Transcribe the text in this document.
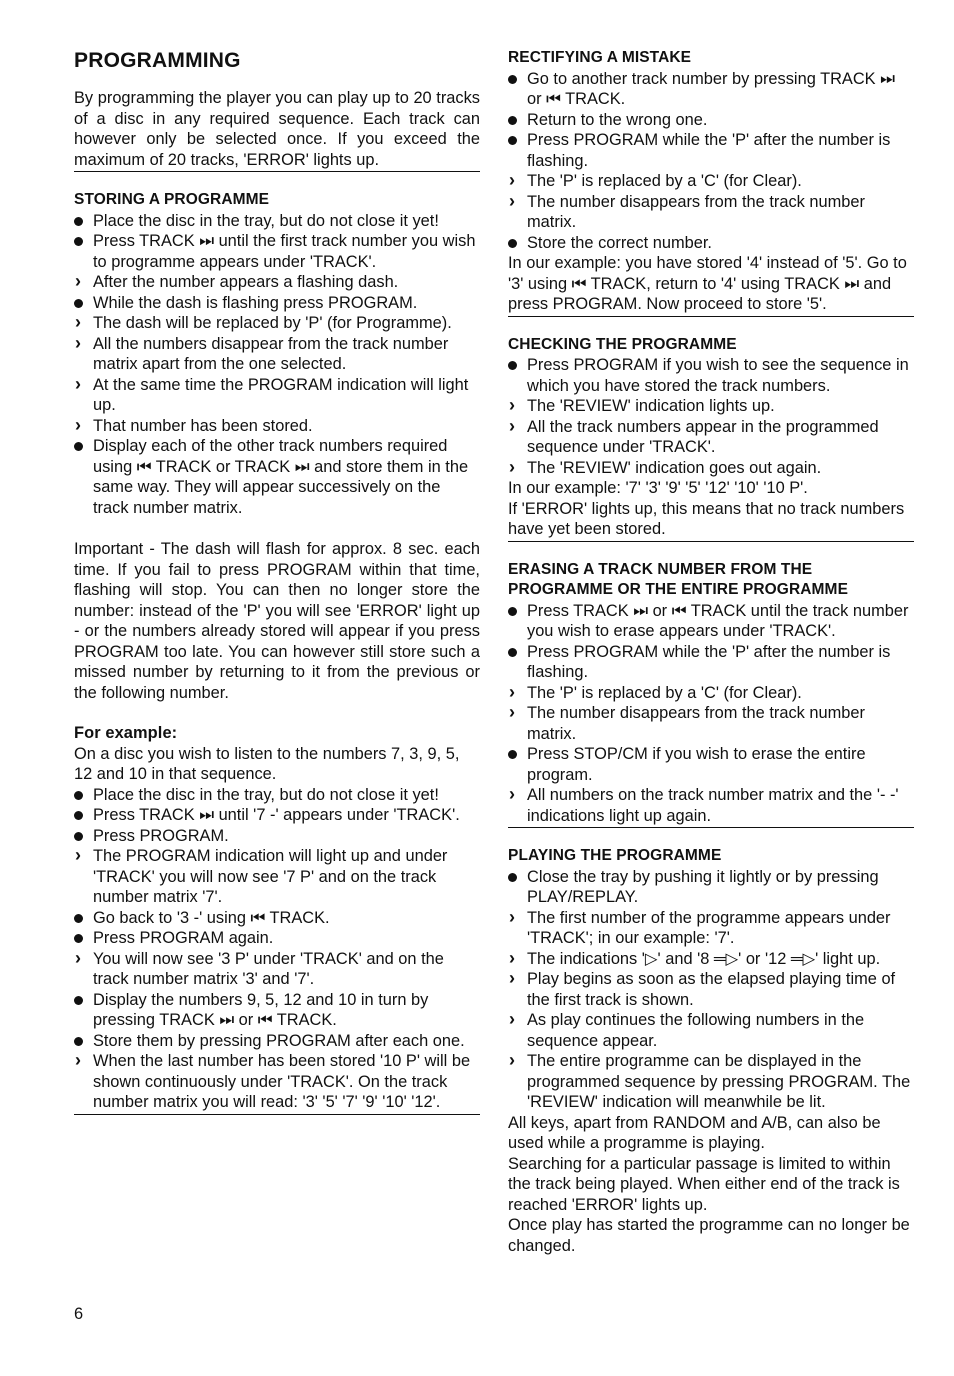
PROGRAMMING

By programming the player you can play up to 20 tracks of a disc in any required sequence. Each track can however only be selected once. If you exceed the maximum of 20 tracks, 'ERROR' lights up.

STORING A PROGRAMME
Place the disc in the tray, but do not close it yet!
Press TRACK ⏭ until the first track number you wish to programme appears under 'TRACK'.
After the number appears a flashing dash.
While the dash is flashing press PROGRAM.
The dash will be replaced by 'P' (for Programme).
All the numbers disappear from the track number matrix apart from the one selected.
At the same time the PROGRAM indication will light up.
That number has been stored.
Display each of the other track numbers required using ⏮ TRACK or TRACK ⏭ and store them in the same way. They will appear successively on the track number matrix.

Important - The dash will flash for approx. 8 sec. each time. If you fail to press PROGRAM within that time, flashing will stop. You can then no longer store the number: instead of the 'P' you will see 'ERROR' light up - or the numbers already stored will appear if you press PROGRAM too late. You can however still store such a missed number by returning to it from the previous or the following number.

For example:

On a disc you wish to listen to the numbers 7, 3, 9, 5, 12 and 10 in that sequence.

Place the disc in the tray, but do not close it yet!
Press TRACK ⏭ until '7 -' appears under 'TRACK'.
Press PROGRAM.
The PROGRAM indication will light up and under 'TRACK' you will now see '7 P' and on the track number matrix '7'.
Go back to '3 -' using ⏮ TRACK.
Press PROGRAM again.
You will now see '3 P' under 'TRACK' and on the track number matrix '3' and '7'.
Display the numbers 9, 5, 12 and 10 in turn by pressing TRACK ⏭ or ⏮ TRACK.
Store them by pressing PROGRAM after each one.
When the last number has been stored '10 P' will be shown continuously under 'TRACK'. On the track number matrix you will read: '3' '5' '7' '9' '10' '12'.
RECTIFYING A MISTAKE
Go to another track number by pressing TRACK ⏭ or ⏮ TRACK.
Return to the wrong one.
Press PROGRAM while the 'P' after the number is flashing.
The 'P' is replaced by a 'C' (for Clear).
The number disappears from the track number matrix.
Store the correct number.

In our example: you have stored '4' instead of '5'. Go to '3' using ⏮ TRACK, return to '4' using TRACK ⏭ and press PROGRAM. Now proceed to store '5'.

CHECKING THE PROGRAMME
Press PROGRAM if you wish to see the sequence in which you have stored the track numbers.
The 'REVIEW' indication lights up.
All the track numbers appear in the programmed sequence under 'TRACK'.
The 'REVIEW' indication goes out again.

In our example: '7' '3' '9' '5' '12' '10' '10 P'.

If 'ERROR' lights up, this means that no track numbers have yet been stored.

ERASING A TRACK NUMBER FROM THE
PROGRAMME OR THE ENTIRE PROGRAMME
Press TRACK ⏭ or ⏮ TRACK until the track number you wish to erase appears under 'TRACK'.
Press PROGRAM while the 'P' after the number is flashing.
The 'P' is replaced by a 'C' (for Clear).
The number disappears from the track number matrix.
Press STOP/CM if you wish to erase the entire program.
All numbers on the track number matrix and the '- -' indications light up again.
PLAYING THE PROGRAMME
Close the tray by pushing it lightly or by pressing PLAY/REPLAY.
The first number of the programme appears under 'TRACK'; in our example: '7'.
The indications '▷' and '8 ═▷' or '12 ═▷' light up.
Play begins as soon as the elapsed playing time of the first track is shown.
As play continues the following numbers in the sequence appear.
The entire programme can be displayed in the programmed sequence by pressing PROGRAM. The 'REVIEW' indication will meanwhile be lit.

All keys, apart from RANDOM and A/B, can also be used while a programme is playing.

Searching for a particular passage is limited to within the track being played. When either end of the track is reached 'ERROR' lights up.

Once play has started the programme can no longer be changed.

6
